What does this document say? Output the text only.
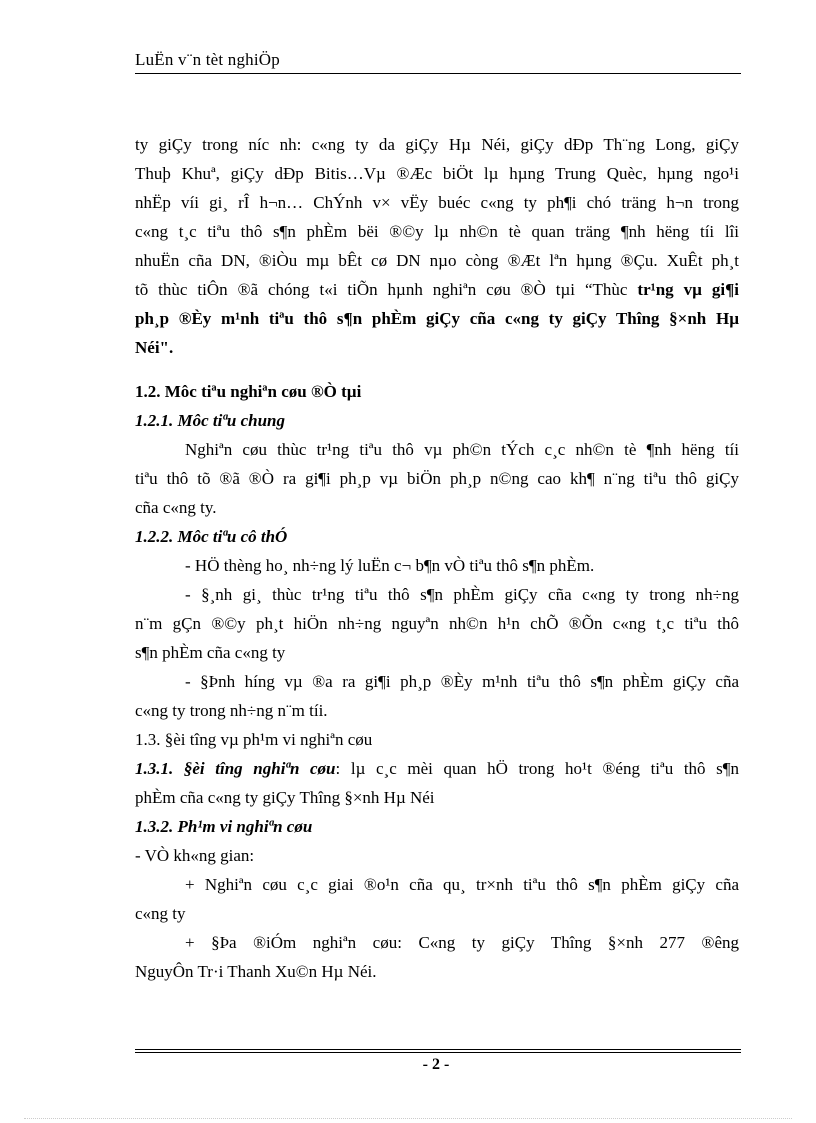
LuËn v¨n tèt nghiÖp
ty giÇy trong níc nh: c«ng ty da giÇy Hµ Néi, giÇy dÐp Th¨ng Long, giÇy
Thuþ Khuª, giÇy dÐp Bitis…Vµ ®Æc biÖt lµ hµng Trung Quèc, hµng ngo¹i
nhËp víi gi¸ rÎ h¬n… ChÝnh v× vËy buéc c«ng ty ph¶i chó träng h¬n trong
c«ng t¸c tiªu thô s¶n phÈm bëi ®©y lµ nh©n tè quan träng ¶nh hëng tíi lîi
nhuËn cña DN, ®iÒu mµ bÊt cø DN nµo còng ®Æt lªn hµng ®Çu. XuÊt ph¸t
tõ thùc tiÔn ®ã chóng t«i tiÕn hµnh nghiªn cøu ®Ò tµi “Thùc tr¹ng vµ gi¶i
ph¸p ®Èy m¹nh tiªu thô s¶n phÈm giÇy cña c«ng ty giÇy Thîng §×nh Hµ
Néi".
1.2. Môc tiªu nghiªn cøu ®Ò tµi
1.2.1. Môc tiªu chung
Nghiªn cøu thùc tr¹ng tiªu thô vµ ph©n tÝch c¸c nh©n tè ¶nh hëng tíi
tiªu thô tõ ®ã ®Ò ra gi¶i ph¸p vµ biÖn ph¸p n©ng cao kh¶ n¨ng tiªu thô giÇy
cña c«ng ty.
1.2.2. Môc tiªu cô thÓ
- HÖ thèng ho¸ nh÷ng lý luËn c¬ b¶n vÒ tiªu thô s¶n phÈm.
- §¸nh gi¸ thùc tr¹ng tiªu thô s¶n phÈm giÇy cña c«ng ty trong nh÷ng
n¨m gÇn ®©y ph¸t hiÖn nh÷ng nguyªn nh©n h¹n chÕ ®Õn c«ng t¸c tiªu thô
s¶n phÈm cña c«ng ty
- §Þnh híng vµ ®a ra gi¶i ph¸p ®Èy m¹nh tiªu thô s¶n phÈm giÇy cña
c«ng ty trong nh÷ng n¨m tíi.
1.3. §èi tîng vµ ph¹m vi nghiªn cøu
1.3.1. §èi tîng nghiªn cøu: lµ c¸c mèi quan hÖ trong ho¹t ®éng tiªu thô s¶n
phÈm cña c«ng ty giÇy Thîng §×nh Hµ Néi
1.3.2. Ph¹m vi nghiªn cøu
- VÒ kh«ng gian:
+ Nghiªn cøu c¸c giai ®o¹n cña qu¸ tr×nh tiªu thô s¶n phÈm giÇy cña
c«ng ty
+ §Þa ®iÓm nghiªn cøu: C«ng ty giÇy Thîng §×nh 277 ®êng
NguyÔn Tr·i Thanh Xu©n Hµ Néi.
- 2 -
